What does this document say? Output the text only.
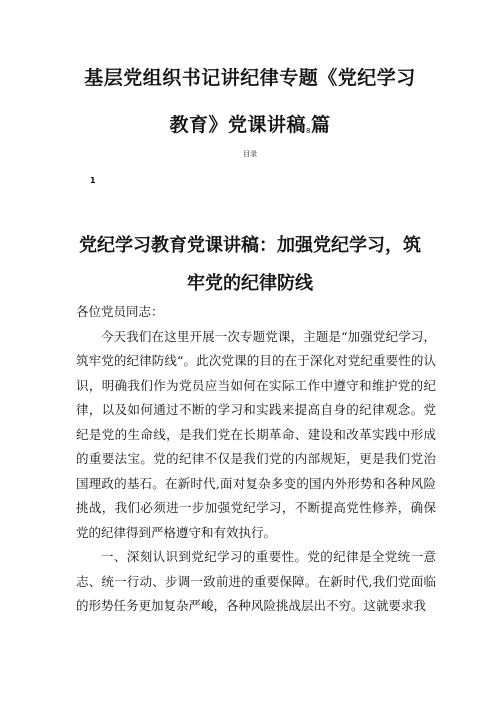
基层党组织书记讲纪律专题《党纪学习
教育》党课讲稿8篇
目录
1
党纪学习教育党课讲稿：加强党纪学习，筑
牢党的纪律防线

各位党员同志：

今天我们在这里开展一次专题党课，主题是“加强党纪学习，筑牢党的纪律防线“。此次党课的目的在于深化对党纪重要性的认识，明确我们作为党员应当如何在实际工作中遵守和维护党的纪律，以及如何通过不断的学习和实践来提高自身的纪律观念。党纪是党的生命线，是我们党在长期革命、建设和改革实践中形成的重要法宝。党的纪律不仅是我们党的内部规矩，更是我们党治国理政的基石。在新时代,面对复杂多变的国内外形势和各种风险挑战，我们必须进一步加强党纪学习，不断提高党性修养，确保党的纪律得到严格遵守和有效执行。

一、深刻认识到党纪学习的重要性。党的纪律是全党统一意志、统一行动、步调一致前进的重要保障。在新时代,我们党面临的形势任务更加复杂严峻，各种风险挑战层出不穷。这就要求我
